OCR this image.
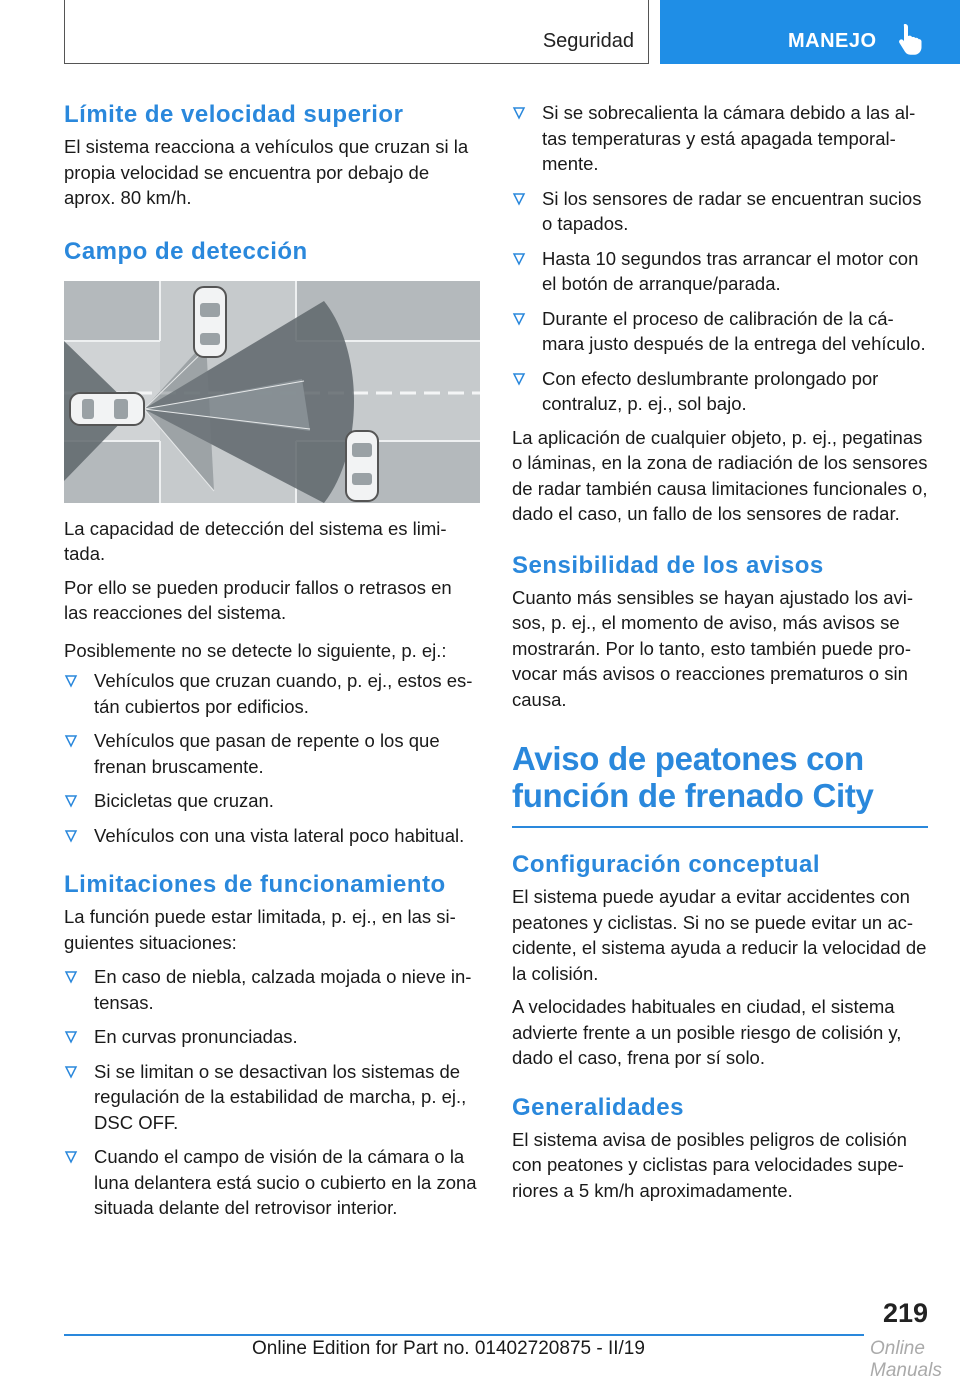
Seguridad	MANEJO
Límite de velocidad superior

El sistema reacciona a vehículos que cruzan si la propia velocidad se encuentra por debajo de aprox. 80 km/h.

Campo de detección

La capacidad de detección del sistema es limitada.

Por ello se pueden producir fallos o retrasos en las reacciones del sistema.

Posiblemente no se detecte lo siguiente, p. ej.:

Vehículos que cruzan cuando, p. ej., estos están cubiertos por edificios.
Vehículos que pasan de repente o los que frenan bruscamente.
Bicicletas que cruzan.
Vehículos con una vista lateral poco habitual.
Limitaciones de funcionamiento

La función puede estar limitada, p. ej., en las siguientes situaciones:

En caso de niebla, calzada mojada o nieve intensas.
En curvas pronunciadas.
Si se limitan o se desactivan los sistemas de regulación de la estabilidad de marcha, p. ej., DSC OFF.
Cuando el campo de visión de la cámara o la luna delantera está sucio o cubierto en la zona situada delante del retrovisor interior.
Si se sobrecalienta la cámara debido a las altas temperaturas y está apagada temporalmente.
Si los sensores de radar se encuentran sucios o tapados.
Hasta 10 segundos tras arrancar el motor con el botón de arranque/parada.
Durante el proceso de calibración de la cámara justo después de la entrega del vehículo.
Con efecto deslumbrante prolongado por contraluz, p. ej., sol bajo.

La aplicación de cualquier objeto, p. ej., pegatinas o láminas, en la zona de radiación de los sensores de radar también causa limitaciones funcionales o, dado el caso, un fallo de los sensores de radar.

Sensibilidad de los avisos

Cuanto más sensibles se hayan ajustado los avisos, p. ej., el momento de aviso, más avisos se mostrarán. Por lo tanto, esto también puede provocar más avisos o reacciones prematuros o sin causa.

Aviso de peatones con función de frenado City
Configuración conceptual

El sistema puede ayudar a evitar accidentes con peatones y ciclistas. Si no se puede evitar un accidente, el sistema ayuda a reducir la velocidad de la colisión.

A velocidades habituales en ciudad, el sistema advierte frente a un posible riesgo de colisión y, dado el caso, frena por sí solo.

Generalidades

El sistema avisa de posibles peligros de colisión con peatones y ciclistas para velocidades superiores a 5 km/h aproximadamente.

219
Online Edition for Part no. 01402720875 - II/19	Online Manuals
